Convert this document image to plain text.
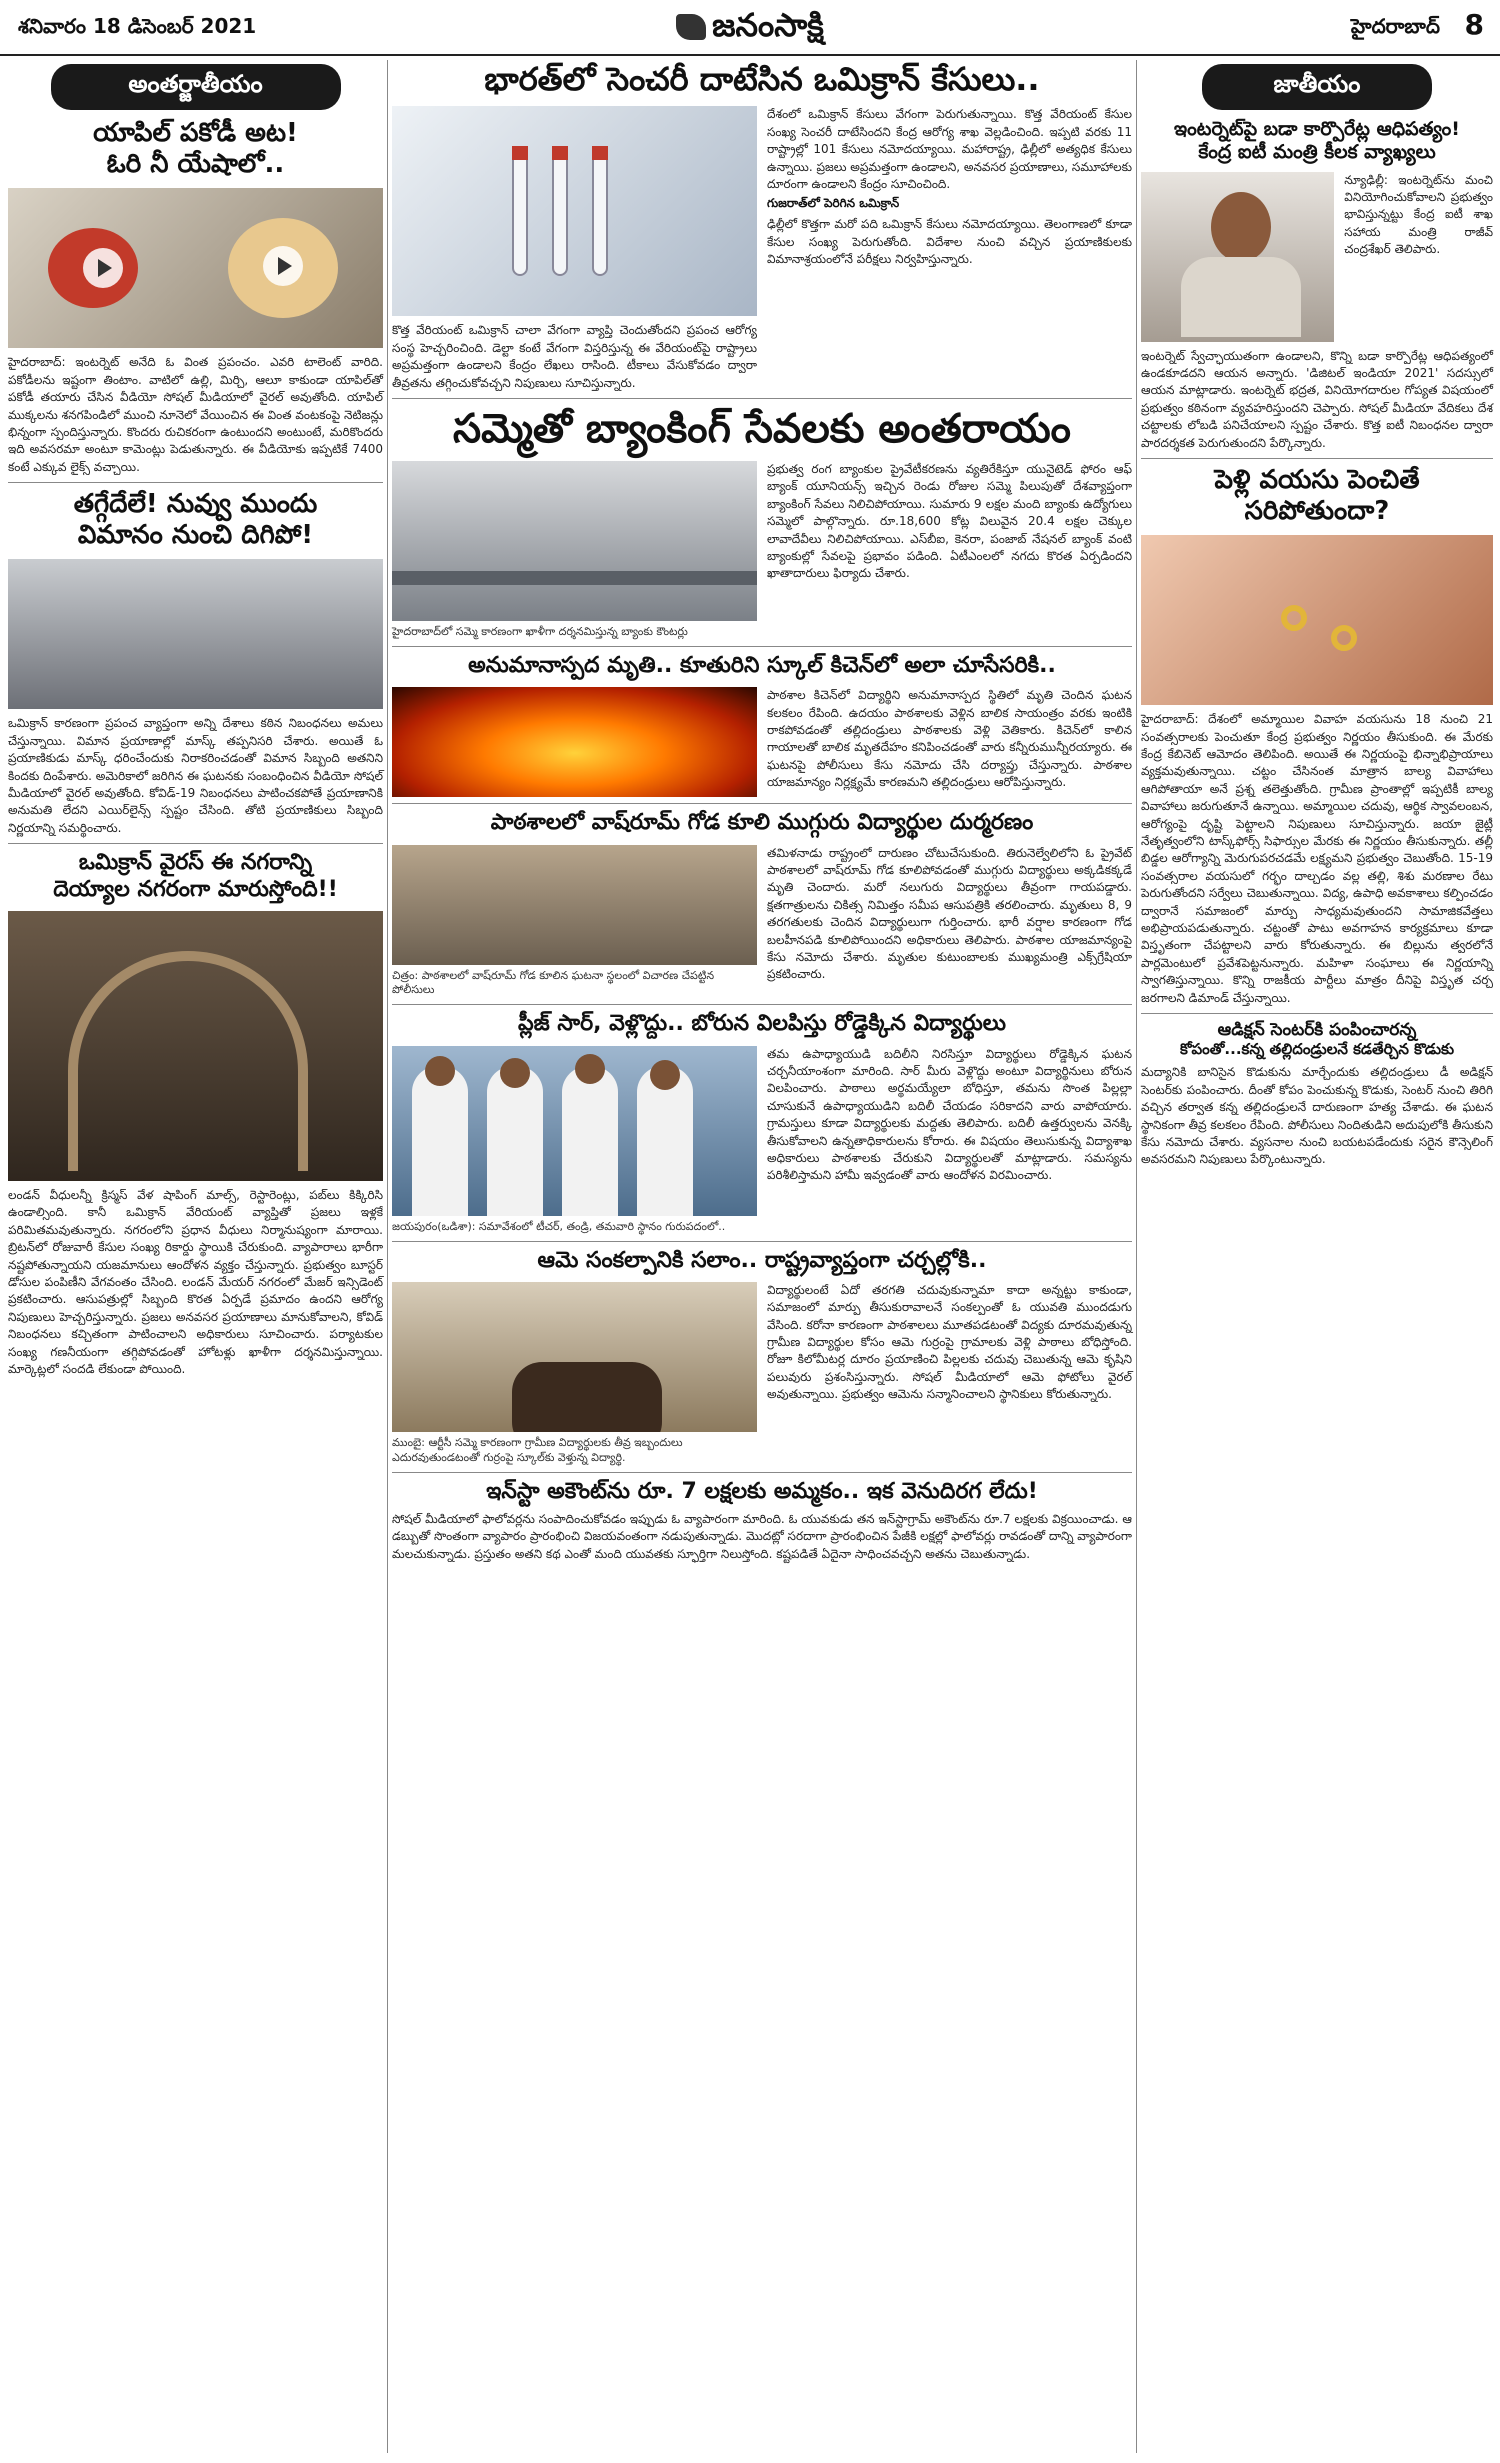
శనివారం 18 డిసెంబర్ 2021	జనంసాక్షి	హైదరాబాద్ 8
అంతర్జాతీయం
యాపిల్ పకోడీ అట!
ఓరి నీ యేషాలో..
హైదరాబాద్: ఇంటర్నెట్ అనేది ఓ వింత ప్రపంచం. ఎవరి టాలెంట్ వారిది. పకోడీలను ఇష్టంగా తింటాం. వాటిలో ఉల్లి, మిర్చి, ఆలూ కాకుండా యాపిల్‌తో పకోడీ తయారు చేసిన వీడియో సోషల్ మీడియాలో వైరల్ అవుతోంది. యాపిల్ ముక్కలను శనగపిండిలో ముంచి నూనెలో వేయించిన ఈ వింత వంటకంపై నెటిజన్లు భిన్నంగా స్పందిస్తున్నారు. కొందరు రుచికరంగా ఉంటుందని అంటుంటే, మరికొందరు ఇది అవసరమా అంటూ కామెంట్లు పెడుతున్నారు. ఈ వీడియోకు ఇప్పటికే 7400 కంటే ఎక్కువ లైక్స్ వచ్చాయి.
తగ్గేదేలే! నువ్వు ముందు
విమానం నుంచి దిగిపో!
ఒమిక్రాన్ కారణంగా ప్రపంచ వ్యాప్తంగా అన్ని దేశాలు కఠిన నిబంధనలు అమలు చేస్తున్నాయి. విమాన ప్రయాణాల్లో మాస్క్ తప్పనిసరి చేశారు. అయితే ఓ ప్రయాణికుడు మాస్క్ ధరించేందుకు నిరాకరించడంతో విమాన సిబ్బంది అతనిని కిందకు దింపేశారు. అమెరికాలో జరిగిన ఈ ఘటనకు సంబంధించిన వీడియో సోషల్ మీడియాలో వైరల్ అవుతోంది. కోవిడ్-19 నిబంధనలు పాటించకపోతే ప్రయాణానికి అనుమతి లేదని ఎయిర్‌లైన్స్ స్పష్టం చేసింది. తోటి ప్రయాణికులు సిబ్బంది నిర్ణయాన్ని సమర్థించారు.
ఒమిక్రాన్ వైరస్ ఈ నగరాన్ని
దెయ్యాల నగరంగా మారుస్తోంది!!
లండన్ వీధులన్నీ క్రిస్మస్ వేళ షాపింగ్ మాల్స్, రెస్టారెంట్లు, పబ్‌లు కిక్కిరిసి ఉండాల్సింది. కానీ ఒమిక్రాన్ వేరియంట్ వ్యాప్తితో ప్రజలు ఇళ్లకే పరిమితమవుతున్నారు. నగరంలోని ప్రధాన వీధులు నిర్మానుష్యంగా మారాయి. బ్రిటన్‌లో రోజువారీ కేసుల సంఖ్య రికార్డు స్థాయికి చేరుకుంది. వ్యాపారాలు భారీగా నష్టపోతున్నాయని యజమానులు ఆందోళన వ్యక్తం చేస్తున్నారు. ప్రభుత్వం బూస్టర్ డోసుల పంపిణీని వేగవంతం చేసింది. లండన్ మేయర్ నగరంలో మేజర్ ఇన్సిడెంట్ ప్రకటించారు. ఆసుపత్రుల్లో సిబ్బంది కొరత ఏర్పడే ప్రమాదం ఉందని ఆరోగ్య నిపుణులు హెచ్చరిస్తున్నారు. ప్రజలు అనవసర ప్రయాణాలు మానుకోవాలని, కోవిడ్ నిబంధనలు కచ్చితంగా పాటించాలని అధికారులు సూచించారు. పర్యాటకుల సంఖ్య గణనీయంగా తగ్గిపోవడంతో హోటళ్లు ఖాళీగా దర్శనమిస్తున్నాయి. మార్కెట్లలో సందడి లేకుండా పోయింది.
భారత్‌లో సెంచరీ దాటేసిన ఒమిక్రాన్ కేసులు..
కొత్త వేరియంట్ ఒమిక్రాన్ చాలా వేగంగా వ్యాప్తి చెందుతోందని ప్రపంచ ఆరోగ్య సంస్థ హెచ్చరించింది. డెల్టా కంటే వేగంగా విస్తరిస్తున్న ఈ వేరియంట్‌పై రాష్ట్రాలు అప్రమత్తంగా ఉండాలని కేంద్రం లేఖలు రాసింది. టీకాలు వేసుకోవడం ద్వారా తీవ్రతను తగ్గించుకోవచ్చని నిపుణులు సూచిస్తున్నారు.
దేశంలో ఒమిక్రాన్ కేసులు వేగంగా పెరుగుతున్నాయి. కొత్త వేరియంట్ కేసుల సంఖ్య సెంచరీ దాటేసిందని కేంద్ర ఆరోగ్య శాఖ వెల్లడించింది. ఇప్పటి వరకు 11 రాష్ట్రాల్లో 101 కేసులు నమోదయ్యాయి. మహారాష్ట్ర, ఢిల్లీలో అత్యధిక కేసులు ఉన్నాయి. ప్రజలు అప్రమత్తంగా ఉండాలని, అనవసర ప్రయాణాలు, సమూహాలకు దూరంగా ఉండాలని కేంద్రం సూచించింది.
గుజరాత్‌లో పెరిగిన ఒమిక్రాన్
ఢిల్లీలో కొత్తగా మరో పది ఒమిక్రాన్ కేసులు నమోదయ్యాయి. తెలంగాణలో కూడా కేసుల సంఖ్య పెరుగుతోంది. విదేశాల నుంచి వచ్చిన ప్రయాణికులకు విమానాశ్రయంలోనే పరీక్షలు నిర్వహిస్తున్నారు.
సమ్మెతో బ్యాంకింగ్ సేవలకు అంతరాయం
హైదరాబాద్‌లో సమ్మె కారణంగా ఖాళీగా దర్శనమిస్తున్న బ్యాంకు కౌంటర్లు
ప్రభుత్వ రంగ బ్యాంకుల ప్రైవేటీకరణను వ్యతిరేకిస్తూ యునైటెడ్ ఫోరం ఆఫ్ బ్యాంక్ యూనియన్స్ ఇచ్చిన రెండు రోజుల సమ్మె పిలుపుతో దేశవ్యాప్తంగా బ్యాంకింగ్ సేవలు నిలిచిపోయాయి. సుమారు 9 లక్షల మంది బ్యాంకు ఉద్యోగులు సమ్మెలో పాల్గొన్నారు. రూ.18,600 కోట్ల విలువైన 20.4 లక్షల చెక్కుల లావాదేవీలు నిలిచిపోయాయి. ఎస్‌బీఐ, కెనరా, పంజాబ్ నేషనల్ బ్యాంక్ వంటి బ్యాంకుల్లో సేవలపై ప్రభావం పడింది. ఏటీఎంలలో నగదు కొరత ఏర్పడిందని ఖాతాదారులు ఫిర్యాదు చేశారు.
అనుమానాస్పద మృతి.. కూతురిని స్కూల్ కిచెన్‌లో అలా చూసేసరికి..
పాఠశాల కిచెన్‌లో విద్యార్థిని అనుమానాస్పద స్థితిలో మృతి చెందిన ఘటన కలకలం రేపింది. ఉదయం పాఠశాలకు వెళ్లిన బాలిక సాయంత్రం వరకు ఇంటికి రాకపోవడంతో తల్లిదండ్రులు పాఠశాలకు వెళ్లి వెతికారు. కిచెన్‌లో కాలిన గాయాలతో బాలిక మృతదేహం కనిపించడంతో వారు కన్నీరుమున్నీరయ్యారు. ఈ ఘటనపై పోలీసులు కేసు నమోదు చేసి దర్యాప్తు చేస్తున్నారు. పాఠశాల యాజమాన్యం నిర్లక్ష్యమే కారణమని తల్లిదండ్రులు ఆరోపిస్తున్నారు.
పాఠశాలలో వాష్‌రూమ్ గోడ కూలి ముగ్గురు విద్యార్థుల దుర్మరణం
చిత్రం: పాఠశాలలో వాష్‌రూమ్ గోడ కూలిన ఘటనా స్థలంలో విచారణ చేపట్టిన పోలీసులు
తమిళనాడు రాష్ట్రంలో దారుణం చోటుచేసుకుంది. తిరునెల్వేలిలోని ఓ ప్రైవేట్ పాఠశాలలో వాష్‌రూమ్ గోడ కూలిపోవడంతో ముగ్గురు విద్యార్థులు అక్కడికక్కడే మృతి చెందారు. మరో నలుగురు విద్యార్థులు తీవ్రంగా గాయపడ్డారు. క్షతగాత్రులను చికిత్స నిమిత్తం సమీప ఆసుపత్రికి తరలించారు. మృతులు 8, 9 తరగతులకు చెందిన విద్యార్థులుగా గుర్తించారు. భారీ వర్షాల కారణంగా గోడ బలహీనపడి కూలిపోయిందని అధికారులు తెలిపారు. పాఠశాల యాజమాన్యంపై కేసు నమోదు చేశారు. మృతుల కుటుంబాలకు ముఖ్యమంత్రి ఎక్స్‌గ్రేషియా ప్రకటించారు.
ప్లీజ్ సార్, వెళ్లొద్దు.. బోరున విలపిస్తు రోడ్డెక్కిన విద్యార్థులు
జయపురం(ఒడిశా): సమావేశంలో టీచర్, తండ్రి, తమవారి స్థానం గురుపదంలో..
తమ ఉపాధ్యాయుడి బదిలీని నిరసిస్తూ విద్యార్థులు రోడ్డెక్కిన ఘటన చర్చనీయాంశంగా మారింది. సార్ మీరు వెళ్లొద్దు అంటూ విద్యార్థినులు బోరున విలపించారు. పాఠాలు అర్థమయ్యేలా బోధిస్తూ, తమను సొంత పిల్లల్లా చూసుకునే ఉపాధ్యాయుడిని బదిలీ చేయడం సరికాదని వారు వాపోయారు. గ్రామస్తులు కూడా విద్యార్థులకు మద్దతు తెలిపారు. బదిలీ ఉత్తర్వులను వెనక్కి తీసుకోవాలని ఉన్నతాధికారులను కోరారు. ఈ విషయం తెలుసుకున్న విద్యాశాఖ అధికారులు పాఠశాలకు చేరుకుని విద్యార్థులతో మాట్లాడారు. సమస్యను పరిశీలిస్తామని హామీ ఇవ్వడంతో వారు ఆందోళన విరమించారు.
ఆమె సంకల్పానికి సలాం.. రాష్ట్రవ్యాప్తంగా చర్చల్లోకి..
ముంబై: ఆర్టీసీ సమ్మె కారణంగా గ్రామీణ విద్యార్థులకు తీవ్ర ఇబ్బందులు ఎదురవుతుండటంతో గుర్రంపై స్కూల్‌కు వెళ్తున్న విద్యార్థి.
విద్యార్థులంటే ఏదో తరగతి చదువుకున్నామా కాదా అన్నట్టు కాకుండా, సమాజంలో మార్పు తీసుకురావాలనే సంకల్పంతో ఓ యువతి ముందడుగు వేసింది. కరోనా కారణంగా పాఠశాలలు మూతపడటంతో విద్యకు దూరమవుతున్న గ్రామీణ విద్యార్థుల కోసం ఆమె గుర్రంపై గ్రామాలకు వెళ్లి పాఠాలు బోధిస్తోంది. రోజూ కిలోమీటర్ల దూరం ప్రయాణించి పిల్లలకు చదువు చెబుతున్న ఆమె కృషిని పలువురు ప్రశంసిస్తున్నారు. సోషల్ మీడియాలో ఆమె ఫోటోలు వైరల్ అవుతున్నాయి. ప్రభుత్వం ఆమెను సన్మానించాలని స్థానికులు కోరుతున్నారు.
ఇన్‌స్టా అకౌంట్‌ను రూ. 7 లక్షలకు అమ్మకం.. ఇక వెనుదిరగ లేదు!
సోషల్ మీడియాలో ఫాలోవర్లను సంపాదించుకోవడం ఇప్పుడు ఓ వ్యాపారంగా మారింది. ఓ యువకుడు తన ఇన్‌స్టాగ్రామ్ అకౌంట్‌ను రూ.7 లక్షలకు విక్రయించాడు. ఆ డబ్బుతో సొంతంగా వ్యాపారం ప్రారంభించి విజయవంతంగా నడుపుతున్నాడు. మొదట్లో సరదాగా ప్రారంభించిన పేజీకి లక్షల్లో ఫాలోవర్లు రావడంతో దాన్ని వ్యాపారంగా మలచుకున్నాడు. ప్రస్తుతం అతని కథ ఎంతో మంది యువతకు స్ఫూర్తిగా నిలుస్తోంది. కష్టపడితే ఏదైనా సాధించవచ్చని అతను చెబుతున్నాడు.
జాతీయం
ఇంటర్నెట్‌పై బడా కార్పొరేట్ల ఆధిపత్యం!
కేంద్ర ఐటీ మంత్రి కీలక వ్యాఖ్యలు
న్యూఢిల్లీ: ఇంటర్నెట్‌ను మంచి వినియోగించుకోవాలని ప్రభుత్వం భావిస్తున్నట్టు కేంద్ర ఐటీ శాఖ సహాయ మంత్రి రాజీవ్ చంద్రశేఖర్ తెలిపారు.
ఇంటర్నెట్ స్వేచ్ఛాయుతంగా ఉండాలని, కొన్ని బడా కార్పొరేట్ల ఆధిపత్యంలో ఉండకూడదని ఆయన అన్నారు. 'డిజిటల్ ఇండియా 2021' సదస్సులో ఆయన మాట్లాడారు. ఇంటర్నెట్ భద్రత, వినియోగదారుల గోప్యత విషయంలో ప్రభుత్వం కఠినంగా వ్యవహరిస్తుందని చెప్పారు. సోషల్ మీడియా వేదికలు దేశ చట్టాలకు లోబడి పనిచేయాలని స్పష్టం చేశారు. కొత్త ఐటీ నిబంధనల ద్వారా పారదర్శకత పెరుగుతుందని పేర్కొన్నారు.
పెళ్లి వయసు పెంచితే
సరిపోతుందా?
హైదరాబాద్: దేశంలో అమ్మాయిల వివాహ వయసును 18 నుంచి 21 సంవత్సరాలకు పెంచుతూ కేంద్ర ప్రభుత్వం నిర్ణయం తీసుకుంది. ఈ మేరకు కేంద్ర కేబినెట్ ఆమోదం తెలిపింది. అయితే ఈ నిర్ణయంపై భిన్నాభిప్రాయాలు వ్యక్తమవుతున్నాయి. చట్టం చేసినంత మాత్రాన బాల్య వివాహాలు ఆగిపోతాయా అనే ప్రశ్న తలెత్తుతోంది. గ్రామీణ ప్రాంతాల్లో ఇప్పటికీ బాల్య వివాహాలు జరుగుతూనే ఉన్నాయి. అమ్మాయిల చదువు, ఆర్థిక స్వావలంబన, ఆరోగ్యంపై దృష్టి పెట్టాలని నిపుణులు సూచిస్తున్నారు. జయా జైట్లీ నేతృత్వంలోని టాస్క్‌ఫోర్స్ సిఫార్సుల మేరకు ఈ నిర్ణయం తీసుకున్నారు. తల్లీ బిడ్డల ఆరోగ్యాన్ని మెరుగుపరచడమే లక్ష్యమని ప్రభుత్వం చెబుతోంది. 15-19 సంవత్సరాల వయసులో గర్భం దాల్చడం వల్ల తల్లి, శిశు మరణాల రేటు పెరుగుతోందని సర్వేలు చెబుతున్నాయి. విద్య, ఉపాధి అవకాశాలు కల్పించడం ద్వారానే సమాజంలో మార్పు సాధ్యమవుతుందని సామాజికవేత్తలు అభిప్రాయపడుతున్నారు. చట్టంతో పాటు అవగాహన కార్యక్రమాలు కూడా విస్తృతంగా చేపట్టాలని వారు కోరుతున్నారు. ఈ బిల్లును త్వరలోనే పార్లమెంటులో ప్రవేశపెట్టనున్నారు. మహిళా సంఘాలు ఈ నిర్ణయాన్ని స్వాగతిస్తున్నాయి. కొన్ని రాజకీయ పార్టీలు మాత్రం దీనిపై విస్తృత చర్చ జరగాలని డిమాండ్ చేస్తున్నాయి.
ఆడిక్షన్ సెంటర్‌కి పంపించారన్న
కోపంతో...కన్న తల్లిదండ్రులనే కడతేర్చిన కొడుకు
మద్యానికి బానిసైన కొడుకును మార్చేందుకు తల్లిదండ్రులు డీ అడిక్షన్ సెంటర్‌కు పంపించారు. దీంతో కోపం పెంచుకున్న కొడుకు, సెంటర్ నుంచి తిరిగి వచ్చిన తర్వాత కన్న తల్లిదండ్రులనే దారుణంగా హత్య చేశాడు. ఈ ఘటన స్థానికంగా తీవ్ర కలకలం రేపింది. పోలీసులు నిందితుడిని అదుపులోకి తీసుకుని కేసు నమోదు చేశారు. వ్యసనాల నుంచి బయటపడేందుకు సరైన కౌన్సెలింగ్ అవసరమని నిపుణులు పేర్కొంటున్నారు.
